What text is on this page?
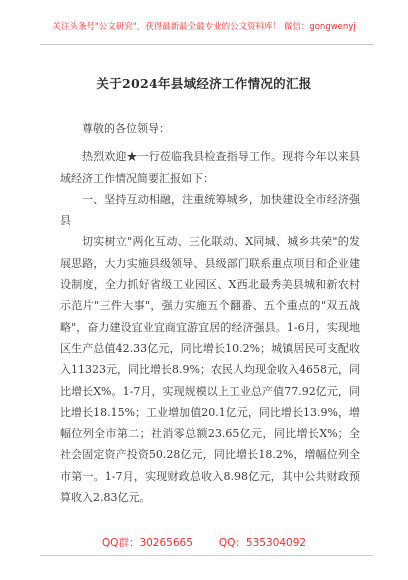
关注头条号"公文研究"，获得最新最全最专业的公文资料库！ 微信：gongwenyj
关于2024年县域经济工作情况的汇报

尊敬的各位领导：

热烈欢迎★一行莅临我县检查指导工作。现将今年以来县域经济工作情况简要汇报如下：

一、坚持互动相融，注重统筹城乡，加快建设全市经济强县

切实树立"两化互动、三化联动、X同城、城乡共荣"的发展思路，大力实施县级领导、县级部门联系重点项目和企业建设制度，全力抓好省级工业园区、X西北最秀美县城和新农村示范片"三件大事"，强力实施五个翻番、五个重点的"双五战略"，奋力建设宜业宜商宜游宜居的经济强县。1-6月，实现地区生产总值42.33亿元，同比增长10.2%；城镇居民可支配收入11323元，同比增长8.9%；农民人均现金收入4658元，同比增长X%。1-7月，实现规模以上工业总产值77.92亿元，同比增长18.15%；工业增加值20.1亿元，同比增长13.9%，增幅位列全市第二；社消零总额23.65亿元，同比增长X%；全社会固定资产投资50.28亿元，同比增长18.2%，增幅位列全市第一。1-7月，实现财政总收入8.98亿元，其中公共财政预算收入2.83亿元。

QQ群：30265665 QQ：535304092
